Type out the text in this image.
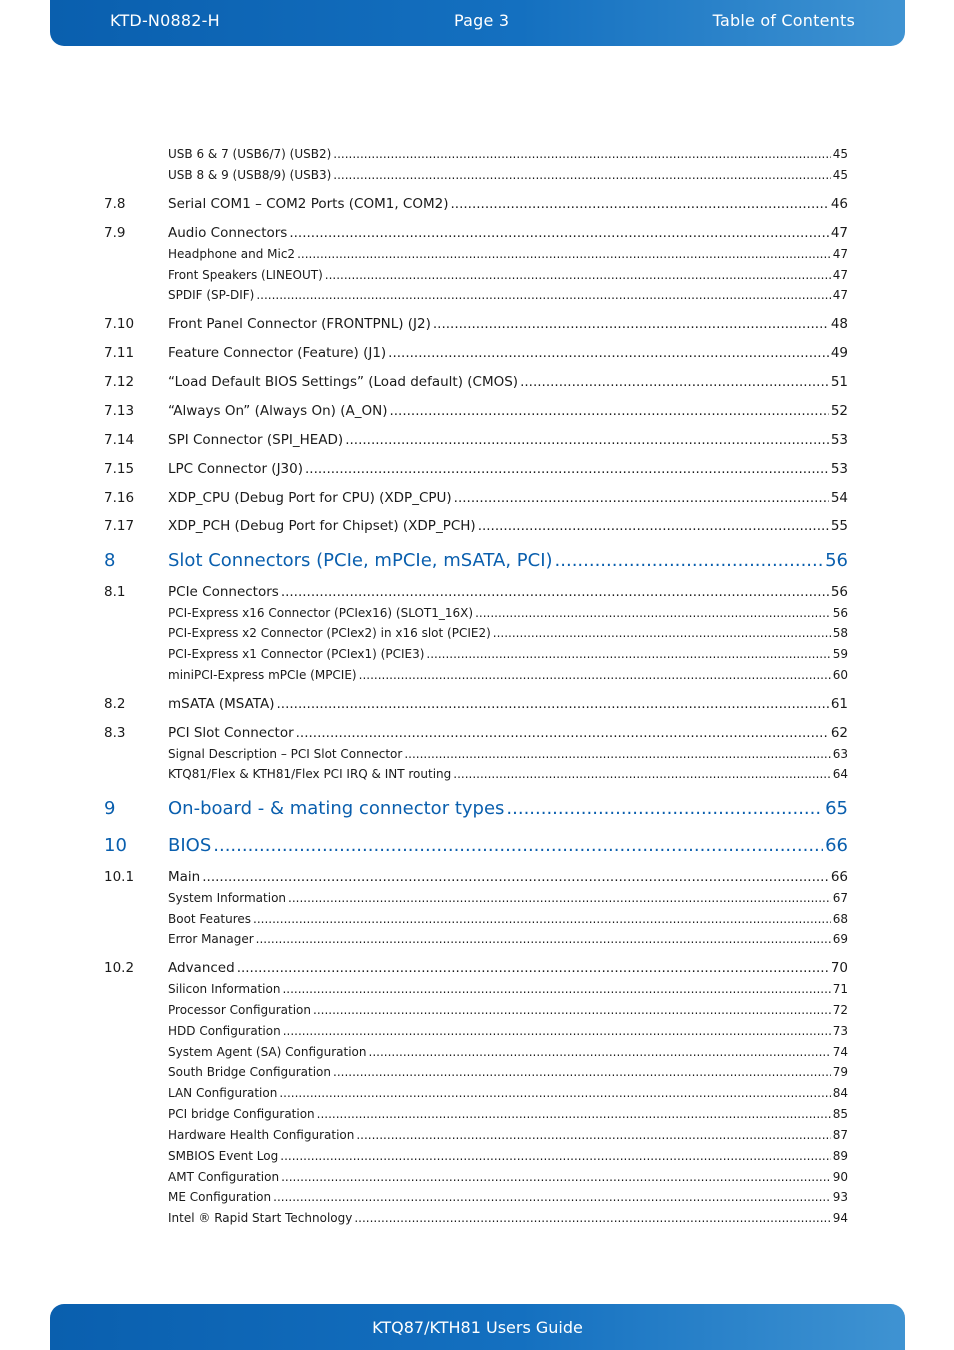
KTD-N0882-H	Page 3	Table of Contents
USB 6 & 7 (USB6/7) (USB2) .....	45
USB 8 & 9 (USB8/9) (USB3) .....	45
7.8	Serial COM1 – COM2 Ports (COM1, COM2) .....	46
7.9	Audio Connectors .....	47
Headphone and Mic2 .....	47
Front Speakers (LINEOUT) .....	47
SPDIF (SP-DIF) .....	47
7.10	Front Panel Connector (FRONTPNL) (J2) .....	48
7.11	Feature Connector (Feature) (J1) .....	49
7.12	“Load Default BIOS Settings” (Load default) (CMOS) .....	51
7.13	“Always On” (Always On) (A_ON) .....	52
7.14	SPI Connector (SPI_HEAD) .....	53
7.15	LPC Connector (J30) .....	53
7.16	XDP_CPU (Debug Port for CPU) (XDP_CPU) .....	54
7.17	XDP_PCH (Debug Port for Chipset) (XDP_PCH) .....	55
8	Slot Connectors (PCIe, mPCIe, mSATA, PCI) .....	56
8.1	PCIe Connectors .....	56
PCI-Express x16 Connector (PCIex16) (SLOT1_16X) .....	56
PCI-Express x2 Connector (PCIex2) in x16 slot (PCIE2) .....	58
PCI-Express x1 Connector (PCIex1) (PCIE3) .....	59
miniPCI-Express mPCIe (MPCIE) .....	60
8.2	mSATA (MSATA) .....	61
8.3	PCI Slot Connector .....	62
Signal Description – PCI Slot Connector .....	63
KTQ81/Flex & KTH81/Flex PCI IRQ & INT routing .....	64
9	On-board - & mating connector types .....	65
10	BIOS .....	66
10.1	Main .....	66
System Information .....	67
Boot Features .....	68
Error Manager .....	69
10.2	Advanced .....	70
Silicon Information .....	71
Processor Configuration .....	72
HDD Configuration .....	73
System Agent (SA) Configuration .....	74
South Bridge Configuration .....	79
LAN Configuration .....	84
PCI bridge Configuration .....	85
Hardware Health Configuration .....	87
SMBIOS Event Log .....	89
AMT Configuration .....	90
ME Configuration .....	93
Intel ® Rapid Start Technology .....	94
KTQ87/KTH81 Users Guide
